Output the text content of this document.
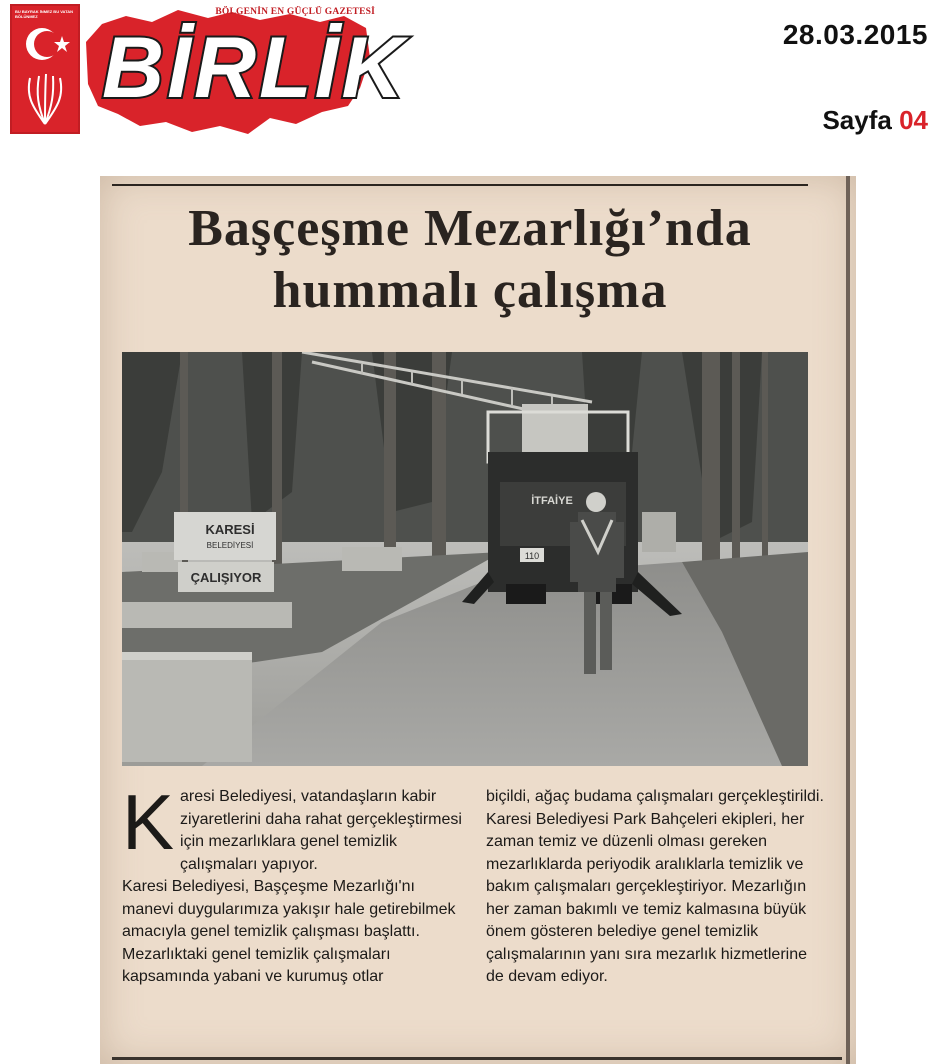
BU BAYRAK İNMEZ BU VATAN BÖLÜNMEZ	BÖLGENİN EN GÜÇLÜ GAZETESİ
BİRLİK	28.03.2015
Sayfa 04
Başçeşme Mezarlığı’nda
hummalı çalışma
KARESİ
BELEDİYESİ
ÇALIŞIYOR
İTFAİYE
110
K aresi Belediyesi, vatandaşların kabir ziyaretlerini daha rahat gerçekleştirmesi için mezarlıklara genel temizlik çalışmaları yapıyor.

Karesi Belediyesi, Başçeşme Mezarlığı'nı manevi duygularımıza yakışır hale getirebilmek amacıyla genel temizlik çalışması başlattı. Mezarlıktaki genel temizlik çalışmaları kapsamında yabani ve kurumuş otlar

biçildi, ağaç budama çalışmaları gerçekleştirildi. Karesi Belediyesi Park Bahçeleri ekipleri, her zaman temiz ve düzenli olması gereken mezarlıklarda periyodik aralıklarla temizlik ve bakım çalışmaları gerçekleştiriyor. Mezarlığın her zaman bakımlı ve temiz kalmasına büyük önem gösteren belediye genel temizlik çalışmalarının yanı sıra mezarlık hizmetlerine de devam ediyor.
